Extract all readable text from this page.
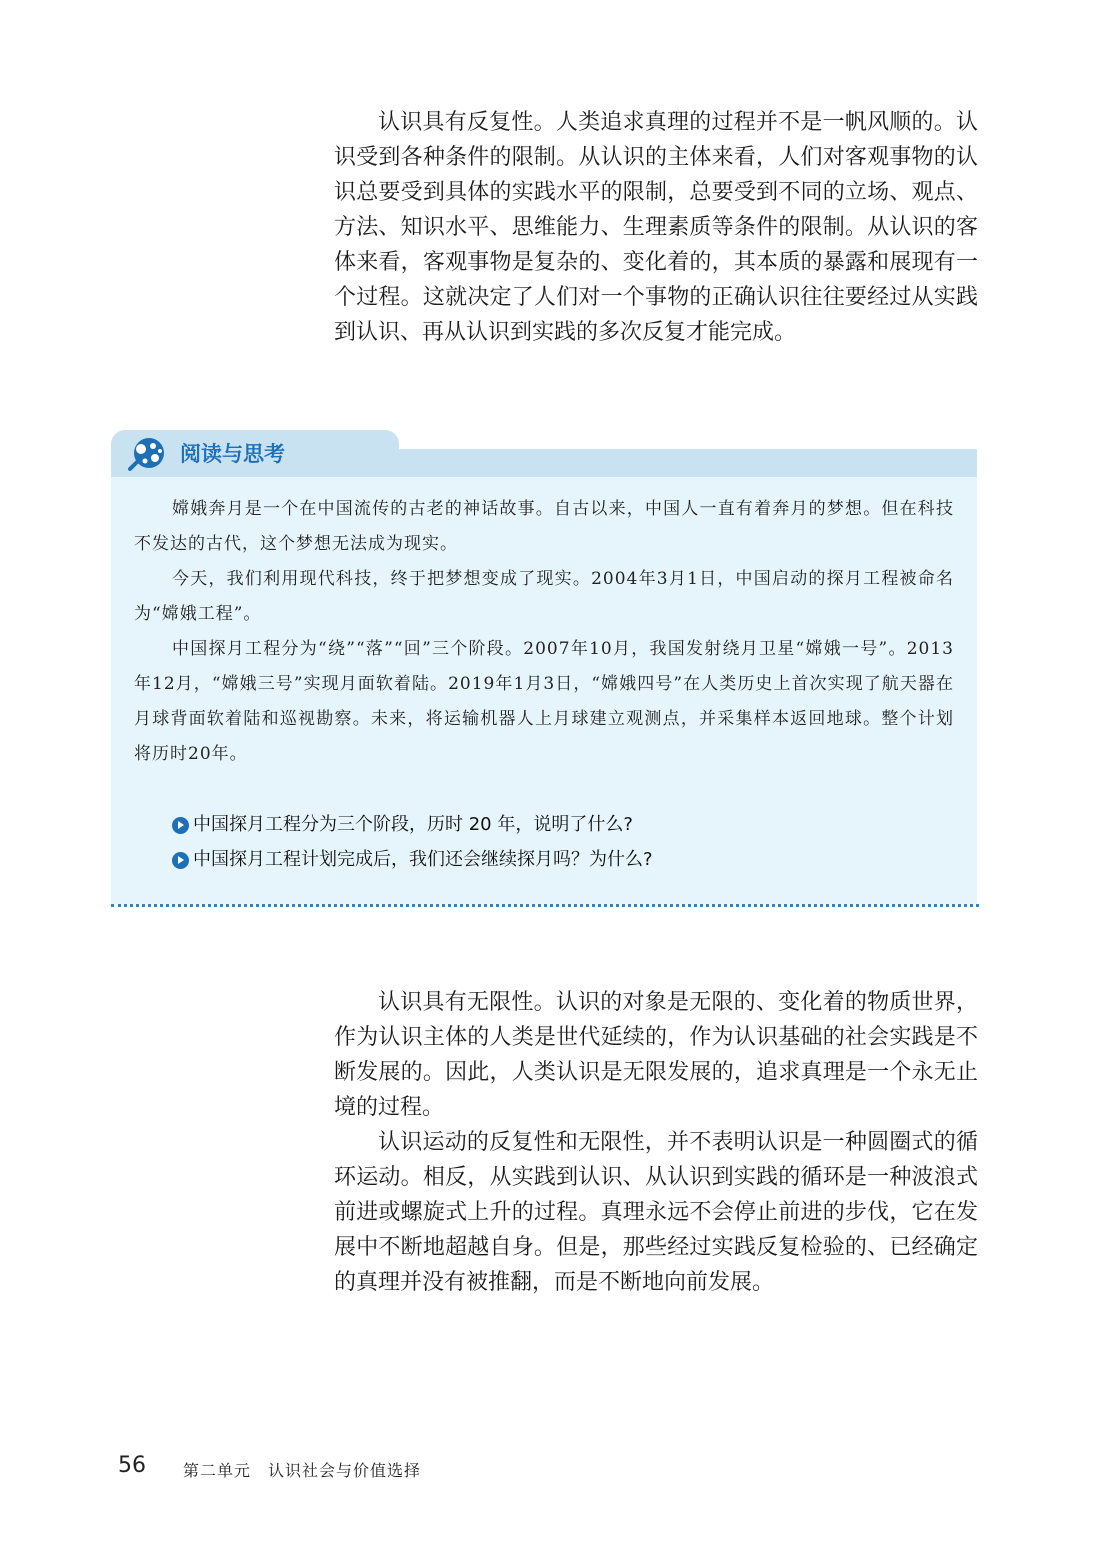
认识具有反复性。人类追求真理的过程并不是一帆风顺的。认识受到各种条件的限制。从认识的主体来看，人们对客观事物的认识总要受到具体的实践水平的限制，总要受到不同的立场、观点、方法、知识水平、思维能力、生理素质等条件的限制。从认识的客体来看，客观事物是复杂的、变化着的，其本质的暴露和展现有一个过程。这就决定了人们对一个事物的正确认识往往要经过从实践到认识、再从认识到实践的多次反复才能完成。

阅读与思考

嫦娥奔月是一个在中国流传的古老的神话故事。自古以来，中国人一直有着奔月的梦想。但在科技不发达的古代，这个梦想无法成为现实。

今天，我们利用现代科技，终于把梦想变成了现实。2004年3月1日，中国启动的探月工程被命名为“嫦娥工程”。

中国探月工程分为“绕”“落”“回”三个阶段。2007年10月，我国发射绕月卫星“嫦娥一号”。2013年12月，“嫦娥三号”实现月面软着陆。2019年1月3日，“嫦娥四号”在人类历史上首次实现了航天器在月球背面软着陆和巡视勘察。未来，将运输机器人上月球建立观测点，并采集样本返回地球。整个计划将历时20年。

中国探月工程分为三个阶段，历时 20 年，说明了什么?
中国探月工程计划完成后，我们还会继续探月吗？为什么?

认识具有无限性。认识的对象是无限的、变化着的物质世界，作为认识主体的人类是世代延续的，作为认识基础的社会实践是不断发展的。因此，人类认识是无限发展的，追求真理是一个永无止境的过程。

认识运动的反复性和无限性，并不表明认识是一种圆圈式的循环运动。相反，从实践到认识、从认识到实践的循环是一种波浪式前进或螺旋式上升的过程。真理永远不会停止前进的步伐，它在发展中不断地超越自身。但是，那些经过实践反复检验的、已经确定的真理并没有被推翻，而是不断地向前发展。

56 第二单元　认识社会与价值选择
